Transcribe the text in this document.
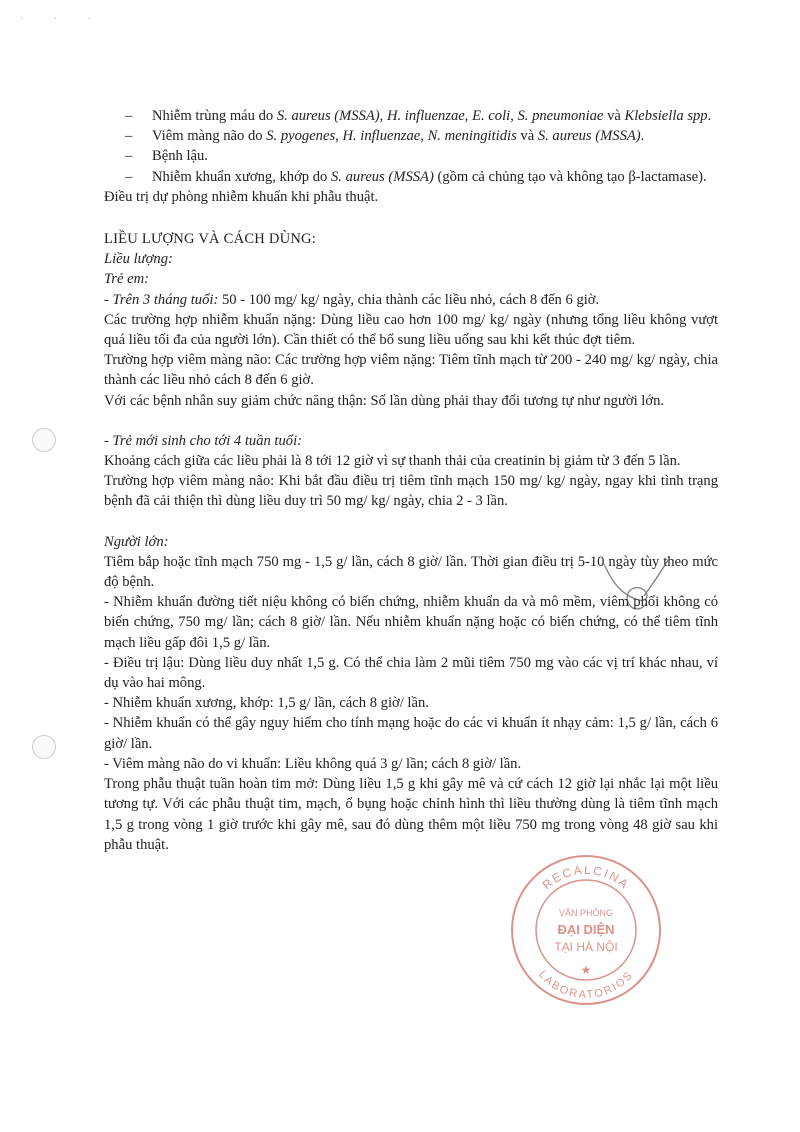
· · ·
– Nhiễm trùng máu do S. aureus (MSSA), H. influenzae, E. coli, S. pneumoniae và Klebsiella spp.
– Viêm màng não do S. pyogenes, H. influenzae, N. meningitidis và S. aureus (MSSA).
– Bệnh lậu.
– Nhiễm khuẩn xương, khớp do S. aureus (MSSA) (gồm cả chủng tạo và không tạo β-lactamase).

Điều trị dự phòng nhiễm khuẩn khi phẫu thuật.

LIỀU LƯỢNG VÀ CÁCH DÙNG:

Liều lượng:

Trẻ em:

- Trên 3 tháng tuổi: 50 - 100 mg/ kg/ ngày, chia thành các liều nhỏ, cách 8 đến 6 giờ.

Các trường hợp nhiễm khuẩn nặng: Dùng liều cao hơn 100 mg/ kg/ ngày (nhưng tổng liều không vượt quá liều tối đa của người lớn). Cần thiết có thể bổ sung liều uống sau khi kết thúc đợt tiêm.

Trường hợp viêm màng não: Các trường hợp viêm nặng: Tiêm tĩnh mạch từ 200 - 240 mg/ kg/ ngày, chia thành các liều nhỏ cách 8 đến 6 giờ.

Với các bệnh nhân suy giảm chức năng thận: Số lần dùng phải thay đổi tương tự như người lớn.

- Trẻ mới sinh cho tới 4 tuần tuổi:

Khoảng cách giữa các liều phải là 8 tới 12 giờ vì sự thanh thải của creatinin bị giảm từ 3 đến 5 lần.

Trường hợp viêm màng não: Khi bắt đầu điều trị tiêm tĩnh mạch 150 mg/ kg/ ngày, ngay khi tình trạng bệnh đã cải thiện thì dùng liều duy trì 50 mg/ kg/ ngày, chia 2 - 3 lần.

Người lớn:

Tiêm bắp hoặc tĩnh mạch 750 mg - 1,5 g/ lần, cách 8 giờ/ lần. Thời gian điều trị 5-10 ngày tùy theo mức độ bệnh.

- Nhiễm khuẩn đường tiết niệu không có biến chứng, nhiễm khuẩn da và mô mềm, viêm phổi không có biến chứng, 750 mg/ lần; cách 8 giờ/ lần. Nếu nhiễm khuẩn nặng hoặc có biến chứng, có thể tiêm tĩnh mạch liều gấp đôi 1,5 g/ lần.

- Điều trị lậu: Dùng liều duy nhất 1,5 g. Có thể chia làm 2 mũi tiêm 750 mg vào các vị trí khác nhau, ví dụ vào hai mông.

- Nhiễm khuẩn xương, khớp: 1,5 g/ lần, cách 8 giờ/ lần.

- Nhiễm khuẩn có thể gây nguy hiểm cho tính mạng hoặc do các vi khuẩn ít nhạy cảm: 1,5 g/ lần, cách 6 giờ/ lần.

- Viêm màng não do vi khuẩn: Liều không quá 3 g/ lần; cách 8 giờ/ lần.

Trong phẫu thuật tuần hoàn tim mở: Dùng liều 1,5 g khi gây mê và cứ cách 12 giờ lại nhắc lại một liều tương tự. Với các phẫu thuật tim, mạch, ổ bụng hoặc chỉnh hình thì liều thường dùng là tiêm tĩnh mạch 1,5 g trong vòng 1 giờ trước khi gây mê, sau đó dùng thêm một liều 750 mg trong vòng 48 giờ sau khi phẫu thuật.

RECALCINA
LABORATORIOS
VĂN PHÒNG
ĐẠI DIỆN
TẠI HÀ NỘI
★
